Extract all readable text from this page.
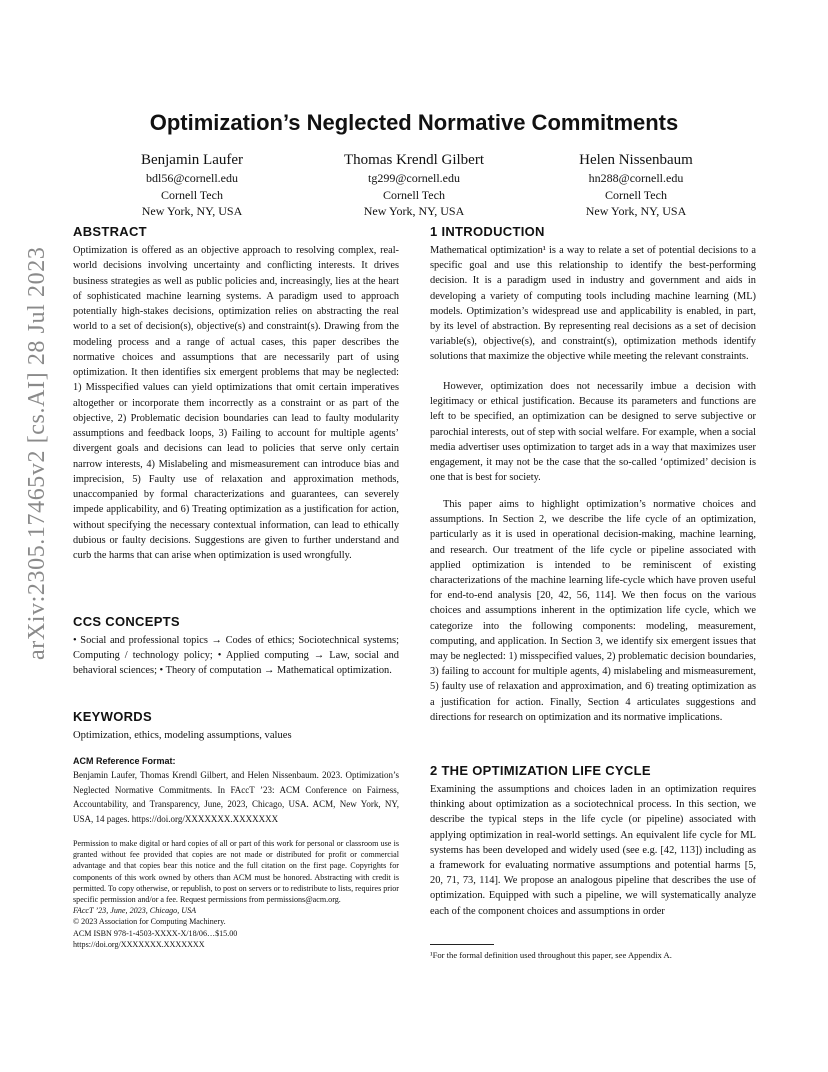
arXiv:2305.17465v2 [cs.AI] 28 Jul 2023
Optimization’s Neglected Normative Commitments
Benjamin Laufer
bdl56@cornell.edu
Cornell Tech
New York, NY, USA
Thomas Krendl Gilbert
tg299@cornell.edu
Cornell Tech
New York, NY, USA
Helen Nissenbaum
hn288@cornell.edu
Cornell Tech
New York, NY, USA
ABSTRACT
Optimization is offered as an objective approach to resolving complex, real-world decisions involving uncertainty and conflicting interests. It drives business strategies as well as public policies and, increasingly, lies at the heart of sophisticated machine learning systems. A paradigm used to approach potentially high-stakes decisions, optimization relies on abstracting the real world to a set of decision(s), objective(s) and constraint(s). Drawing from the modeling process and a range of actual cases, this paper describes the normative choices and assumptions that are necessarily part of using optimization. It then identifies six emergent problems that may be neglected: 1) Misspecified values can yield optimizations that omit certain imperatives altogether or incorporate them incorrectly as a constraint or as part of the objective, 2) Problematic decision boundaries can lead to faulty modularity assumptions and feedback loops, 3) Failing to account for multiple agents’ divergent goals and decisions can lead to policies that serve only certain narrow interests, 4) Mislabeling and mismeasurement can introduce bias and imprecision, 5) Faulty use of relaxation and approximation methods, unaccompanied by formal characterizations and guarantees, can severely impede applicability, and 6) Treating optimization as a justification for action, without specifying the necessary contextual information, can lead to ethically dubious or faulty decisions. Suggestions are given to further understand and curb the harms that can arise when optimization is used wrongfully.
CCS CONCEPTS
• Social and professional topics → Codes of ethics; Sociotechnical systems; Computing / technology policy; • Applied computing → Law, social and behavioral sciences; • Theory of computation → Mathematical optimization.
KEYWORDS
Optimization, ethics, modeling assumptions, values
ACM Reference Format:
Benjamin Laufer, Thomas Krendl Gilbert, and Helen Nissenbaum. 2023. Optimization’s Neglected Normative Commitments. In FAccT ’23: ACM Conference on Fairness, Accountability, and Transparency, June, 2023, Chicago, USA. ACM, New York, NY, USA, 14 pages. https://doi.org/XXXXXXX.XXXXXXX
Permission to make digital or hard copies of all or part of this work for personal or classroom use is granted without fee provided that copies are not made or distributed for profit or commercial advantage and that copies bear this notice and the full citation on the first page. Copyrights for components of this work owned by others than ACM must be honored. Abstracting with credit is permitted. To copy otherwise, or republish, to post on servers or to redistribute to lists, requires prior specific permission and/or a fee. Request permissions from permissions@acm.org.
FAccT ’23, June, 2023, Chicago, USA
© 2023 Association for Computing Machinery.
ACM ISBN 978-1-4503-XXXX-X/18/06…$15.00
https://doi.org/XXXXXXX.XXXXXXX
1 INTRODUCTION
Mathematical optimization¹ is a way to relate a set of potential decisions to a specific goal and use this relationship to identify the best-performing decision. It is a paradigm used in industry and government and aids in developing a variety of computing tools including machine learning (ML) models. Optimization’s widespread use and applicability is enabled, in part, by its level of abstraction. By representing real decisions as a set of decision variable(s), objective(s), and constraint(s), optimization methods identify solutions that maximize the objective while meeting the relevant constraints.
However, optimization does not necessarily imbue a decision with legitimacy or ethical justification. Because its parameters and functions are left to be specified, an optimization can be designed to serve subjective or parochial interests, out of step with social welfare. For example, when a social media advertiser uses optimization to target ads in a way that maximizes user engagement, it may not be the case that the so-called ‘optimized’ decision is one that is best for society.
This paper aims to highlight optimization’s normative choices and assumptions. In Section 2, we describe the life cycle of an optimization, particularly as it is used in operational decision-making, machine learning, and research. Our treatment of the life cycle or pipeline associated with applied optimization is intended to be reminiscent of existing characterizations of the machine learning life-cycle which have proven useful for end-to-end analysis [20, 42, 56, 114]. We then focus on the various choices and assumptions inherent in the optimization life cycle, which we categorize into the following components: modeling, measurement, computing, and application. In Section 3, we identify six emergent issues that may be neglected: 1) misspecified values, 2) problematic decision boundaries, 3) failing to account for multiple agents, 4) mislabeling and mismeasurement, 5) faulty use of relaxation and approximation, and 6) treating optimization as a justification for action. Finally, Section 4 articulates suggestions and directions for research on optimization and its normative implications.
2 THE OPTIMIZATION LIFE CYCLE
Examining the assumptions and choices laden in an optimization requires thinking about optimization as a sociotechnical process. In this section, we describe the typical steps in the life cycle (or pipeline) associated with applying optimization in real-world settings. An equivalent life cycle for ML systems has been developed and widely used (see e.g. [42, 113]) including as a framework for evaluating normative assumptions and potential harms [5, 20, 71, 73, 114]. We propose an analogous pipeline that describes the use of optimization. Equipped with such a pipeline, we will systematically analyze each of the component choices and assumptions in order
¹For the formal definition used throughout this paper, see Appendix A.
